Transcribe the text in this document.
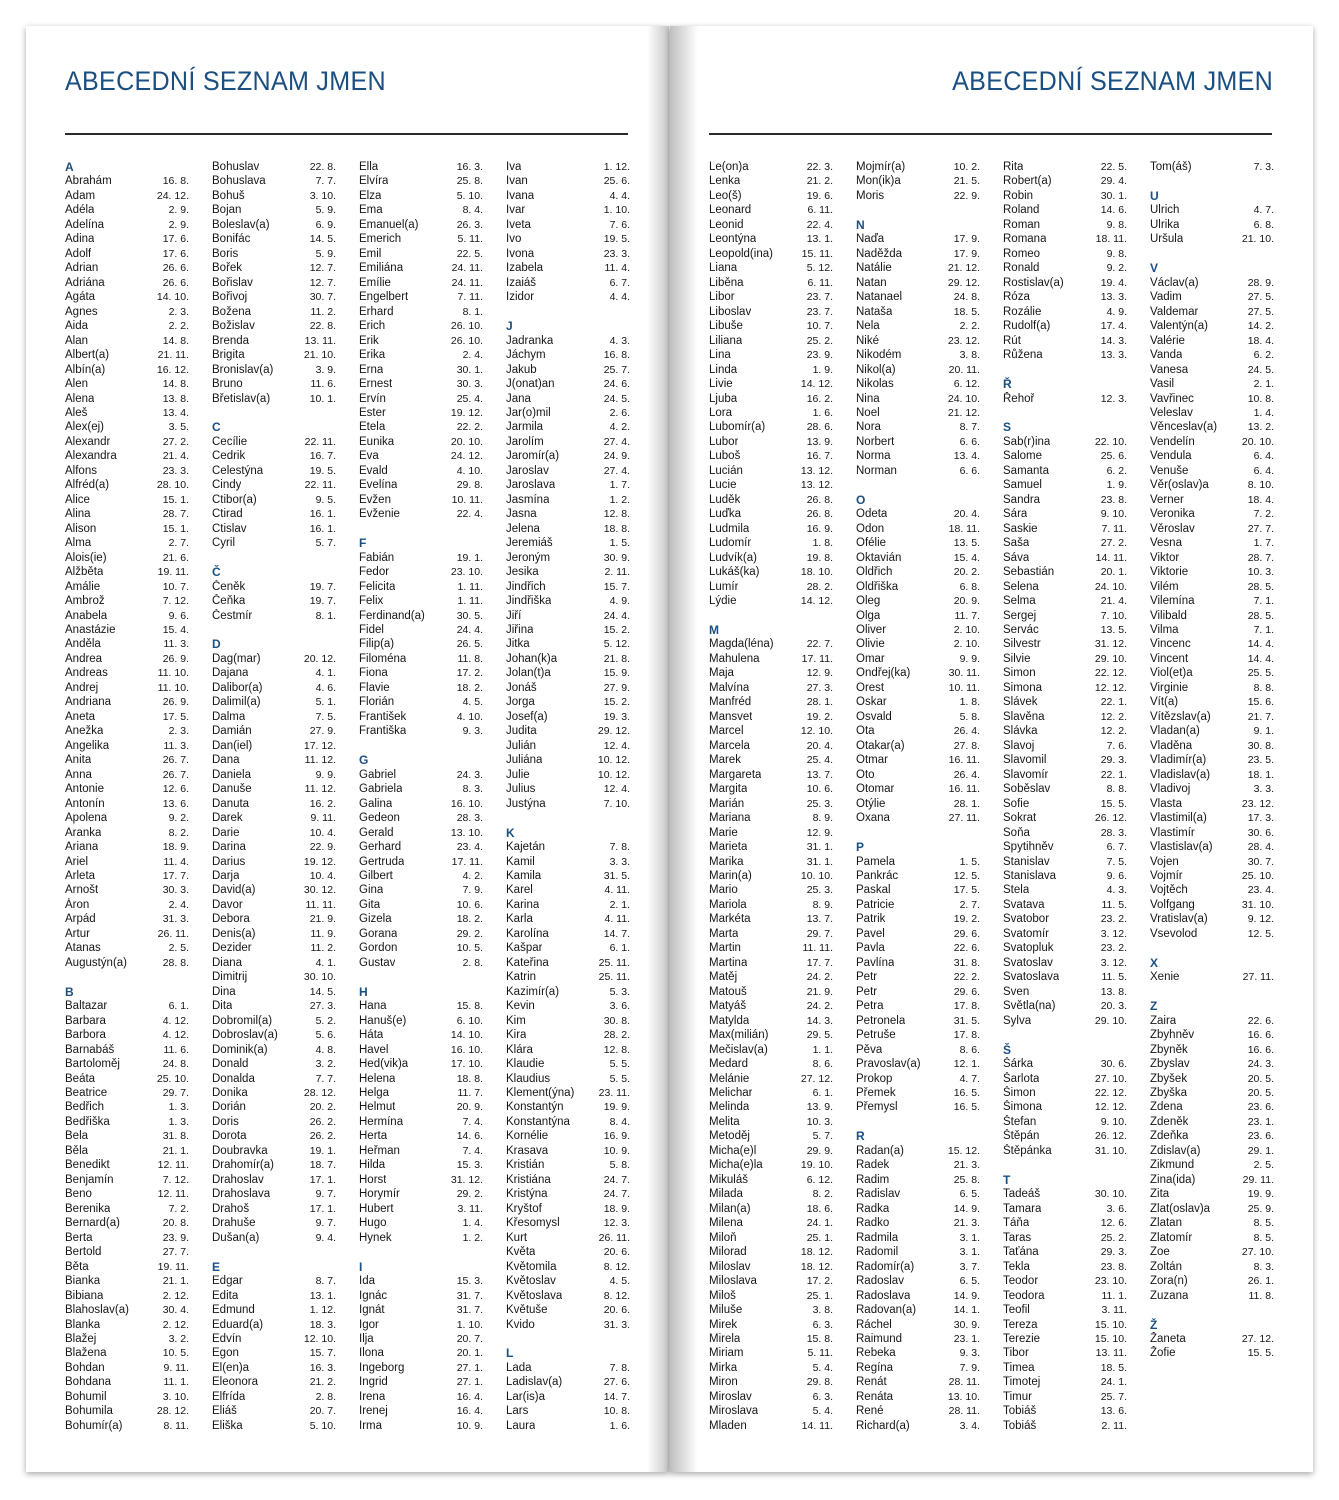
ABECEDNÍ SEZNAM JMEN
A
Abrahám	16. 8.
Adam	24. 12.
Adéla	2. 9.
Adelína	2. 9.
Adina	17. 6.
Adolf	17. 6.
Adrian	26. 6.
Adriána	26. 6.
Agáta	14. 10.
Agnes	2. 3.
Aida	2. 2.
Alan	14. 8.
Albert(a)	21. 11.
Albín(a)	16. 12.
Alen	14. 8.
Alena	13. 8.
Aleš	13. 4.
Alex(ej)	3. 5.
Alexandr	27. 2.
Alexandra	21. 4.
Alfons	23. 3.
Alfréd(a)	28. 10.
Alice	15. 1.
Alina	28. 7.
Alison	15. 1.
Alma	2. 7.
Alois(ie)	21. 6.
Alžběta	19. 11.
Amálie	10. 7.
Ambrož	7. 12.
Anabela	9. 6.
Anastázie	15. 4.
Anděla	11. 3.
Andrea	26. 9.
Andreas	11. 10.
Andrej	11. 10.
Andriana	26. 9.
Aneta	17. 5.
Anežka	2. 3.
Angelika	11. 3.
Anita	26. 7.
Anna	26. 7.
Antonie	12. 6.
Antonín	13. 6.
Apolena	9. 2.
Aranka	8. 2.
Ariana	18. 9.
Ariel	11. 4.
Arleta	17. 7.
Arnošt	30. 3.
Áron	2. 4.
Arpád	31. 3.
Artur	26. 11.
Atanas	2. 5.
Augustýn(a)	28. 8.
B
Baltazar	6. 1.
Barbara	4. 12.
Barbora	4. 12.
Barnabáš	11. 6.
Bartoloměj	24. 8.
Beáta	25. 10.
Beatrice	29. 7.
Bedřich	1. 3.
Bedřiška	1. 3.
Bela	31. 8.
Běla	21. 1.
Benedikt	12. 11.
Benjamín	7. 12.
Beno	12. 11.
Berenika	7. 2.
Bernard(a)	20. 8.
Berta	23. 9.
Bertold	27. 7.
Běta	19. 11.
Bianka	21. 1.
Bibiana	2. 12.
Blahoslav(a)	30. 4.
Blanka	2. 12.
Blažej	3. 2.
Blažena	10. 5.
Bohdan	9. 11.
Bohdana	11. 1.
Bohumil	3. 10.
Bohumila	28. 12.
Bohumír(a)	8. 11.
Bohuslav	22. 8.
Bohuslava	7. 7.
Bohuš	3. 10.
Bojan	5. 9.
Boleslav(a)	6. 9.
Bonifác	14. 5.
Boris	5. 9.
Bořek	12. 7.
Bořislav	12. 7.
Bořivoj	30. 7.
Božena	11. 2.
Božislav	22. 8.
Brenda	13. 11.
Brigita	21. 10.
Bronislav(a)	3. 9.
Bruno	11. 6.
Břetislav(a)	10. 1.
C
Cecílie	22. 11.
Cedrik	16. 7.
Celestýna	19. 5.
Cindy	22. 11.
Ctibor(a)	9. 5.
Ctirad	16. 1.
Ctislav	16. 1.
Cyril	5. 7.
Č
Čeněk	19. 7.
Čeňka	19. 7.
Čestmír	8. 1.
D
Dag(mar)	20. 12.
Dajana	4. 1.
Dalibor(a)	4. 6.
Dalimil(a)	5. 1.
Dalma	7. 5.
Damián	27. 9.
Dan(iel)	17. 12.
Dana	11. 12.
Daniela	9. 9.
Danuše	11. 12.
Danuta	16. 2.
Darek	9. 11.
Darie	10. 4.
Darina	22. 9.
Darius	19. 12.
Darja	10. 4.
David(a)	30. 12.
Davor	11. 11.
Debora	21. 9.
Denis(a)	11. 9.
Dezider	11. 2.
Diana	4. 1.
Dimitrij	30. 10.
Dina	14. 5.
Dita	27. 3.
Dobromil(a)	5. 2.
Dobroslav(a)	5. 6.
Dominik(a)	4. 8.
Donald	3. 2.
Donalda	7. 7.
Donika	28. 12.
Dorián	20. 2.
Doris	26. 2.
Dorota	26. 2.
Doubravka	19. 1.
Drahomír(a)	18. 7.
Drahoslav	17. 1.
Drahoslava	9. 7.
Drahoš	17. 1.
Drahuše	9. 7.
Dušan(a)	9. 4.
E
Edgar	8. 7.
Edita	13. 1.
Edmund	1. 12.
Eduard(a)	18. 3.
Edvín	12. 10.
Egon	15. 7.
El(en)a	16. 3.
Eleonora	21. 2.
Elfrída	2. 8.
Eliáš	20. 7.
Eliška	5. 10.
Ella	16. 3.
Elvíra	25. 8.
Elza	5. 10.
Ema	8. 4.
Emanuel(a)	26. 3.
Emerich	5. 11.
Emil	22. 5.
Emiliána	24. 11.
Emílie	24. 11.
Engelbert	7. 11.
Erhard	8. 1.
Erich	26. 10.
Erik	26. 10.
Erika	2. 4.
Erna	30. 1.
Ernest	30. 3.
Ervín	25. 4.
Ester	19. 12.
Etela	22. 2.
Eunika	20. 10.
Eva	24. 12.
Evald	4. 10.
Evelína	29. 8.
Evžen	10. 11.
Evženie	22. 4.
F
Fabián	19. 1.
Fedor	23. 10.
Felicita	1. 11.
Felix	1. 11.
Ferdinand(a)	30. 5.
Fidel	24. 4.
Filip(a)	26. 5.
Filoména	11. 8.
Fiona	17. 2.
Flavie	18. 2.
Florián	4. 5.
František	4. 10.
Františka	9. 3.
G
Gabriel	24. 3.
Gabriela	8. 3.
Galina	16. 10.
Gedeon	28. 3.
Gerald	13. 10.
Gerhard	23. 4.
Gertruda	17. 11.
Gilbert	4. 2.
Gina	7. 9.
Gita	10. 6.
Gizela	18. 2.
Gorana	29. 2.
Gordon	10. 5.
Gustav	2. 8.
H
Hana	15. 8.
Hanuš(e)	6. 10.
Háta	14. 10.
Havel	16. 10.
Hed(vik)a	17. 10.
Helena	18. 8.
Helga	11. 7.
Helmut	20. 9.
Hermína	7. 4.
Herta	14. 6.
Heřman	7. 4.
Hilda	15. 3.
Horst	31. 12.
Horymír	29. 2.
Hubert	3. 11.
Hugo	1. 4.
Hynek	1. 2.
I
Ida	15. 3.
Ignác	31. 7.
Ignát	31. 7.
Igor	1. 10.
Ilja	20. 7.
Ilona	20. 1.
Ingeborg	27. 1.
Ingrid	27. 1.
Irena	16. 4.
Irenej	16. 4.
Irma	10. 9.
Iva	1. 12.
Ivan	25. 6.
Ivana	4. 4.
Ivar	1. 10.
Iveta	7. 6.
Ivo	19. 5.
Ivona	23. 3.
Izabela	11. 4.
Izaiáš	6. 7.
Izidor	4. 4.
J
Jadranka	4. 3.
Jáchym	16. 8.
Jakub	25. 7.
J(onat)an	24. 6.
Jana	24. 5.
Jar(o)mil	2. 6.
Jarmila	4. 2.
Jarolím	27. 4.
Jaromír(a)	24. 9.
Jaroslav	27. 4.
Jaroslava	1. 7.
Jasmína	1. 2.
Jasna	12. 8.
Jelena	18. 8.
Jeremiáš	1. 5.
Jeroným	30. 9.
Jesika	2. 11.
Jindřich	15. 7.
Jindřiška	4. 9.
Jiří	24. 4.
Jiřina	15. 2.
Jitka	5. 12.
Johan(k)a	21. 8.
Jolan(t)a	15. 9.
Jonáš	27. 9.
Jorga	15. 2.
Josef(a)	19. 3.
Judita	29. 12.
Julián	12. 4.
Juliána	10. 12.
Julie	10. 12.
Julius	12. 4.
Justýna	7. 10.
K
Kajetán	7. 8.
Kamil	3. 3.
Kamila	31. 5.
Karel	4. 11.
Karina	2. 1.
Karla	4. 11.
Karolína	14. 7.
Kašpar	6. 1.
Kateřina	25. 11.
Katrin	25. 11.
Kazimír(a)	5. 3.
Kevin	3. 6.
Kim	30. 8.
Kira	28. 2.
Klára	12. 8.
Klaudie	5. 5.
Klaudius	5. 5.
Klement(ýna) 23. 11.
Konstantýn	19. 9.
Konstantýna	8. 4.
Kornélie	16. 9.
Krasava	10. 9.
Kristián	5. 8.
Kristiána	24. 7.
Kristýna	24. 7.
Kryštof	18. 9.
Křesomysl	12. 3.
Kurt	26. 11.
Květa	20. 6.
Květomila	8. 12.
Květoslav	4. 5.
Květoslava	8. 12.
Květuše	20. 6.
Kvido	31. 3.
L
Lada	7. 8.
Ladislav(a)	27. 6.
Lar(is)a	14. 7.
Lars	10. 8.
Laura	1. 6.
ABECEDNÍ SEZNAM JMEN
Le(on)a	22. 3.
Lenka	21. 2.
Leo(š)	19. 6.
Leonard	6. 11.
Leonid	22. 4.
Leontýna	13. 1.
Leopold(ina)	15. 11.
Liana	5. 12.
Liběna	6. 11.
Libor	23. 7.
Liboslav	23. 7.
Libuše	10. 7.
Liliana	25. 2.
Lina	23. 9.
Linda	1. 9.
Livie	14. 12.
Ljuba	16. 2.
Lora	1. 6.
Lubomír(a)	28. 6.
Lubor	13. 9.
Luboš	16. 7.
Lucián	13. 12.
Lucie	13. 12.
Luděk	26. 8.
Luďka	26. 8.
Ludmila	16. 9.
Ludomír	1. 8.
Ludvík(a)	19. 8.
Lukáš(ka)	18. 10.
Lumír	28. 2.
Lýdie	14. 12.
M
Magda(léna)	22. 7.
Mahulena	17. 11.
Maja	12. 9.
Malvína	27. 3.
Manfréd	28. 1.
Mansvet	19. 2.
Marcel	12. 10.
Marcela	20. 4.
Marek	25. 4.
Margareta	13. 7.
Margita	10. 6.
Marián	25. 3.
Mariana	8. 9.
Marie	12. 9.
Marieta	31. 1.
Marika	31. 1.
Marin(a)	10. 10.
Mario	25. 3.
Mariola	8. 9.
Markéta	13. 7.
Marta	29. 7.
Martin	11. 11.
Martina	17. 7.
Matěj	24. 2.
Matouš	21. 9.
Matyáš	24. 2.
Matylda	14. 3.
Max(milián)	29. 5.
Mečislav(a)	1. 1.
Medard	8. 6.
Melánie	27. 12.
Melichar	6. 1.
Melinda	13. 9.
Melita	10. 3.
Metoděj	5. 7.
Micha(e)l	29. 9.
Micha(e)la	19. 10.
Mikuláš	6. 12.
Milada	8. 2.
Milan(a)	18. 6.
Milena	24. 1.
Miloň	25. 1.
Milorad	18. 12.
Miloslav	18. 12.
Miloslava	17. 2.
Miloš	25. 1.
Miluše	3. 8.
Mirek	6. 3.
Mirela	15. 8.
Miriam	5. 11.
Mirka	5. 4.
Miron	29. 8.
Miroslav	6. 3.
Miroslava	5. 4.
Mladen	14. 11.
Mojmír(a)	10. 2.
Mon(ik)a	21. 5.
Moris	22. 9.
N
Naďa	17. 9.
Naděžda	17. 9.
Natálie	21. 12.
Natan	29. 12.
Natanael	24. 8.
Nataša	18. 5.
Nela	2. 2.
Niké	23. 12.
Nikodém	3. 8.
Nikol(a)	20. 11.
Nikolas	6. 12.
Nina	24. 10.
Noel	21. 12.
Nora	8. 7.
Norbert	6. 6.
Norma	13. 4.
Norman	6. 6.
O
Odeta	20. 4.
Odon	18. 11.
Ofélie	13. 5.
Oktavián	15. 4.
Oldřich	20. 2.
Oldřiška	6. 8.
Oleg	20. 9.
Olga	11. 7.
Oliver	2. 10.
Olivie	2. 10.
Omar	9. 9.
Ondřej(ka)	30. 11.
Orest	10. 11.
Oskar	1. 8.
Osvald	5. 8.
Ota	26. 4.
Otakar(a)	27. 8.
Otmar	16. 11.
Oto	26. 4.
Otomar	16. 11.
Otýlie	28. 1.
Oxana	27. 11.
P
Pamela	1. 5.
Pankrác	12. 5.
Paskal	17. 5.
Patricie	2. 7.
Patrik	19. 2.
Pavel	29. 6.
Pavla	22. 6.
Pavlína	31. 8.
Petr	22. 2.
Petr	29. 6.
Petra	17. 8.
Petronela	31. 5.
Petruše	17. 8.
Pěva	8. 6.
Pravoslav(a)	12. 1.
Prokop	4. 7.
Přemek	16. 5.
Přemysl	16. 5.
R
Radan(a)	15. 12.
Radek	21. 3.
Radim	25. 8.
Radislav	6. 5.
Radka	14. 9.
Radko	21. 3.
Radmila	3. 1.
Radomil	3. 1.
Radomír(a)	3. 7.
Radoslav	6. 5.
Radoslava	14. 9.
Radovan(a)	14. 1.
Ráchel	30. 9.
Raimund	23. 1.
Rebeka	9. 3.
Regína	7. 9.
Renát	28. 11.
Renáta	13. 10.
René	28. 11.
Richard(a)	3. 4.
Rita	22. 5.
Robert(a)	29. 4.
Robin	30. 1.
Roland	14. 6.
Roman	9. 8.
Romana	18. 11.
Romeo	9. 8.
Ronald	9. 2.
Rostislav(a)	19. 4.
Róza	13. 3.
Rozálie	4. 9.
Rudolf(a)	17. 4.
Rút	14. 3.
Růžena	13. 3.
Ř
Řehoř	12. 3.
S
Sab(r)ina	22. 10.
Salome	25. 6.
Samanta	6. 2.
Samuel	1. 9.
Sandra	23. 8.
Sára	9. 10.
Saskie	7. 11.
Saša	27. 2.
Sáva	14. 11.
Sebastián	20. 1.
Selena	24. 10.
Selma	21. 4.
Sergej	7. 10.
Servác	13. 5.
Silvestr	31. 12.
Silvie	29. 10.
Simon	22. 12.
Simona	12. 12.
Slávek	22. 1.
Slavěna	12. 2.
Slávka	12. 2.
Slavoj	7. 6.
Slavomil	29. 3.
Slavomír	22. 1.
Soběslav	8. 8.
Sofie	15. 5.
Sokrat	26. 12.
Soňa	28. 3.
Spytihněv	6. 7.
Stanislav	7. 5.
Stanislava	9. 6.
Stela	4. 3.
Svatava	11. 5.
Svatobor	23. 2.
Svatomír	3. 12.
Svatopluk	23. 2.
Svatoslav	3. 12.
Svatoslava	11. 5.
Sven	13. 8.
Světla(na)	20. 3.
Sylva	29. 10.
Š
Šárka	30. 6.
Šarlota	27. 10.
Šimon	22. 12.
Šimona	12. 12.
Štefan	9. 10.
Štěpán	26. 12.
Štěpánka	31. 10.
T
Tadeáš	30. 10.
Tamara	3. 6.
Táňa	12. 6.
Taras	25. 2.
Taťána	29. 3.
Tekla	23. 8.
Teodor	23. 10.
Teodora	11. 1.
Teofil	3. 11.
Tereza	15. 10.
Terezie	15. 10.
Tibor	13. 11.
Timea	18. 5.
Timotej	24. 1.
Timur	25. 7.
Tobiáš	13. 6.
Tobiáš	2. 11.
Tom(áš)	7. 3.
U
Ulrich	4. 7.
Ulrika	6. 8.
Uršula	21. 10.
V
Václav(a)	28. 9.
Vadim	27. 5.
Valdemar	27. 5.
Valentýn(a)	14. 2.
Valérie	18. 4.
Vanda	6. 2.
Vanesa	24. 5.
Vasil	2. 1.
Vavřinec	10. 8.
Veleslav	1. 4.
Věnceslav(a)	13. 2.
Vendelín	20. 10.
Vendula	6. 4.
Venuše	6. 4.
Věr(oslav)a	8. 10.
Verner	18. 4.
Veronika	7. 2.
Věroslav	27. 7.
Vesna	1. 7.
Viktor	28. 7.
Viktorie	10. 3.
Vilém	28. 5.
Vilemína	7. 1.
Vilibald	28. 5.
Vilma	7. 1.
Vincenc	14. 4.
Vincent	14. 4.
Viol(et)a	25. 5.
Virginie	8. 8.
Vít(a)	15. 6.
Vítězslav(a)	21. 7.
Vladan(a)	9. 1.
Vladěna	30. 8.
Vladimír(a)	23. 5.
Vladislav(a)	18. 1.
Vladivoj	3. 3.
Vlasta	23. 12.
Vlastimil(a)	17. 3.
Vlastimír	30. 6.
Vlastislav(a)	28. 4.
Vojen	30. 7.
Vojmír	25. 10.
Vojtěch	23. 4.
Volfgang	31. 10.
Vratislav(a)	9. 12.
Vsevolod	12. 5.
X
Xenie	27. 11.
Z
Zaira	22. 6.
Zbyhněv	16. 6.
Zbyněk	16. 6.
Zbyslav	24. 3.
Zbyšek	20. 5.
Zbyška	20. 5.
Zdena	23. 6.
Zdeněk	23. 1.
Zdeňka	23. 6.
Zdislav(a)	29. 1.
Zikmund	2. 5.
Zina(ida)	29. 11.
Zita	19. 9.
Zlat(oslav)a	25. 9.
Zlatan	8. 5.
Zlatomír	8. 5.
Zoe	27. 10.
Zoltán	8. 3.
Zora(n)	26. 1.
Zuzana	11. 8.
Ž
Žaneta	27. 12.
Žofie	15. 5.
